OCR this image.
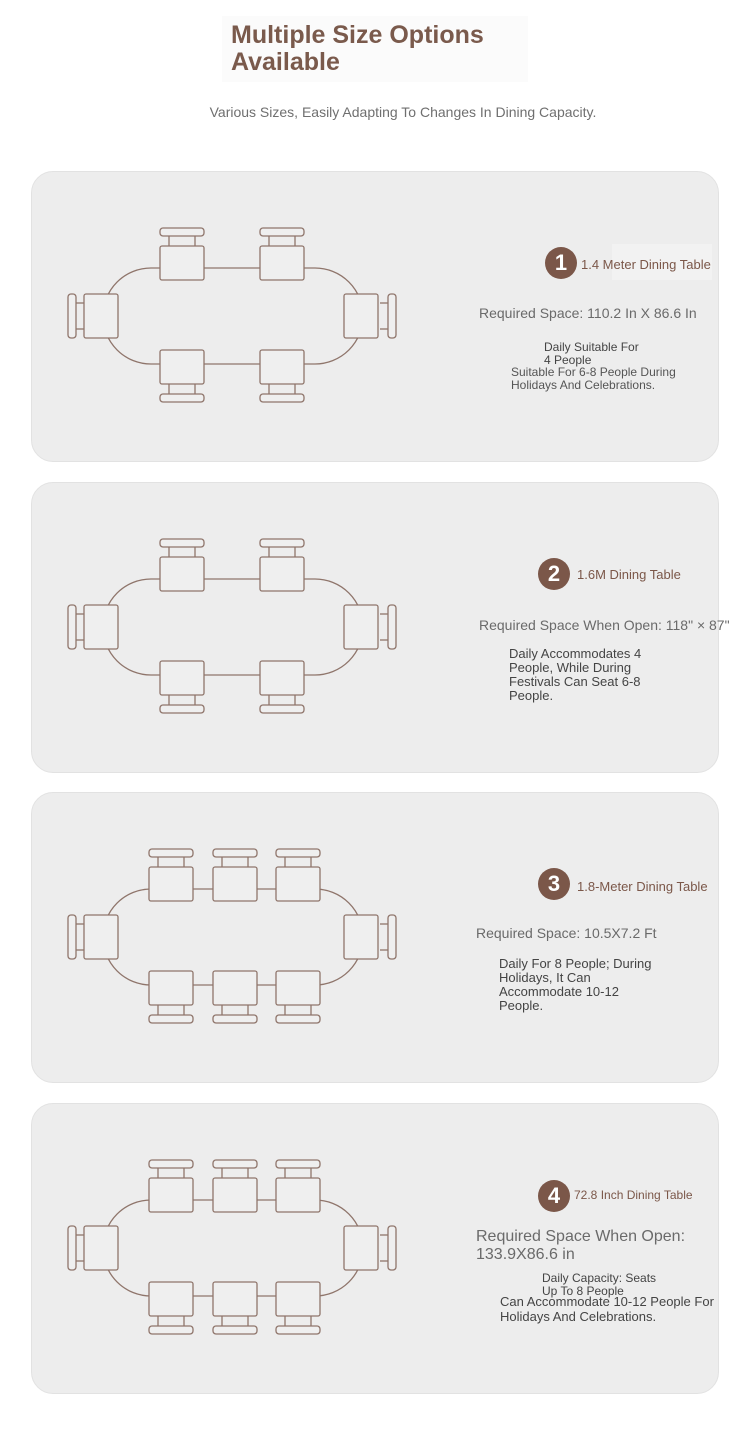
Multiple Size Options Available
Various Sizes, Easily Adapting To Changes In Dining Capacity.
1	1.4 Meter Dining Table
Required Space: 110.2 In X 86.6 In
Daily Suitable For
4 People
Suitable For 6-8 People During
Holidays And Celebrations.
2	1.6M Dining Table
Required Space When Open: 118" × 87"
Daily Accommodates 4
People, While During
Festivals Can Seat 6-8
People.
3	1.8-Meter Dining Table
Required Space: 10.5X7.2 Ft
Daily For 8 People; During
Holidays, It Can
Accommodate 10-12
People.
4	72.8 Inch Dining Table
Required Space When Open:
133.9X86.6 in
Daily Capacity: Seats
Up To 8 People
Can Accommodate 10-12 People For
Holidays And Celebrations.
